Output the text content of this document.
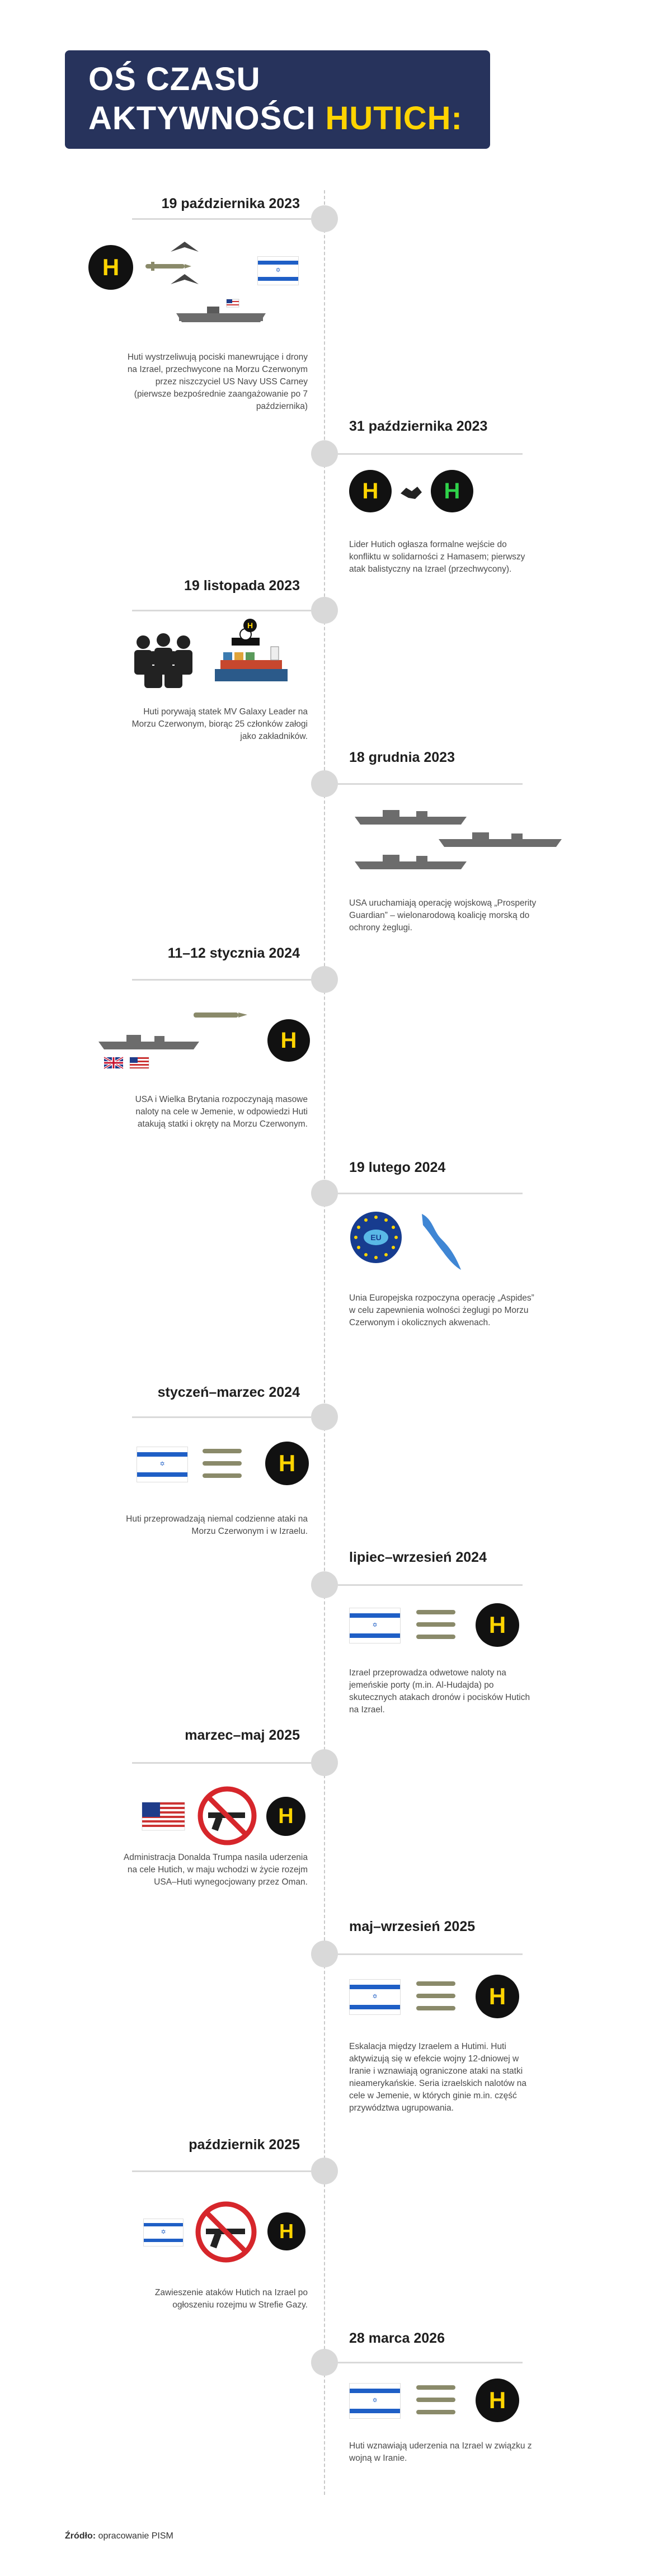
OŚ CZASU
AKTYWNOŚCI HUTICH:
19 października 2023
H	✡
Huti wystrzeliwują pociski manewrujące i drony na Izrael, przechwycone na Morzu Czerwonym przez niszczyciel US Navy USS Carney (pierwsze bezpośrednie zaangażowanie po 7 października)
31 października 2023
H	H
Lider Hutich ogłasza formalne wejście do konfliktu w solidarności z Hamasem; pierwszy atak balistyczny na Izrael (przechwycony).
19 listopada 2023
H
Huti porywają statek MV Galaxy Leader na Morzu Czerwonym, biorąc 25 członków załogi jako zakładników.
18 grudnia 2023
USA uruchamiają operację wojskową „Prosperity Guardian” – wielonarodową koalicję morską do ochrony żeglugi.
11–12 stycznia 2024
H
USA i Wielka Brytania rozpoczynają masowe naloty na cele w Jemenie, w odpowiedzi Huti atakują statki i okręty na Morzu Czerwonym.
19 lutego 2024
EU
Unia Europejska rozpoczyna operację „Aspides” w celu zapewnienia wolności żeglugi po Morzu Czerwonym i okolicznych akwenach.
styczeń–marzec 2024
✡	H
Huti przeprowadzają niemal codzienne ataki na Morzu Czerwonym i w Izraelu.
lipiec–wrzesień 2024
✡	H
Izrael przeprowadza odwetowe naloty na jemeńskie porty (m.in. Al-Hudajda) po skutecznych atakach dronów i pocisków Hutich na Izrael.
marzec–maj 2025
H
Administracja Donalda Trumpa nasila uderzenia na cele Hutich, w maju wchodzi w życie rozejm USA–Huti wynegocjowany przez Oman.
maj–wrzesień 2025
✡	H
Eskalacja między Izraelem a Hutimi. Huti aktywizują się w efekcie wojny 12-dniowej w Iranie i wznawiają ograniczone ataki na statki nieamerykańskie. Seria izraelskich nalotów na cele w Jemenie, w których ginie m.in. część przywództwa ugrupowania.
październik 2025
✡	H
Zawieszenie ataków Hutich na Izrael po ogłoszeniu rozejmu w Strefie Gazy.
28 marca 2026
✡	H
Huti wznawiają uderzenia na Izrael w związku z wojną w Iranie.
Źródło: opracowanie PISM
